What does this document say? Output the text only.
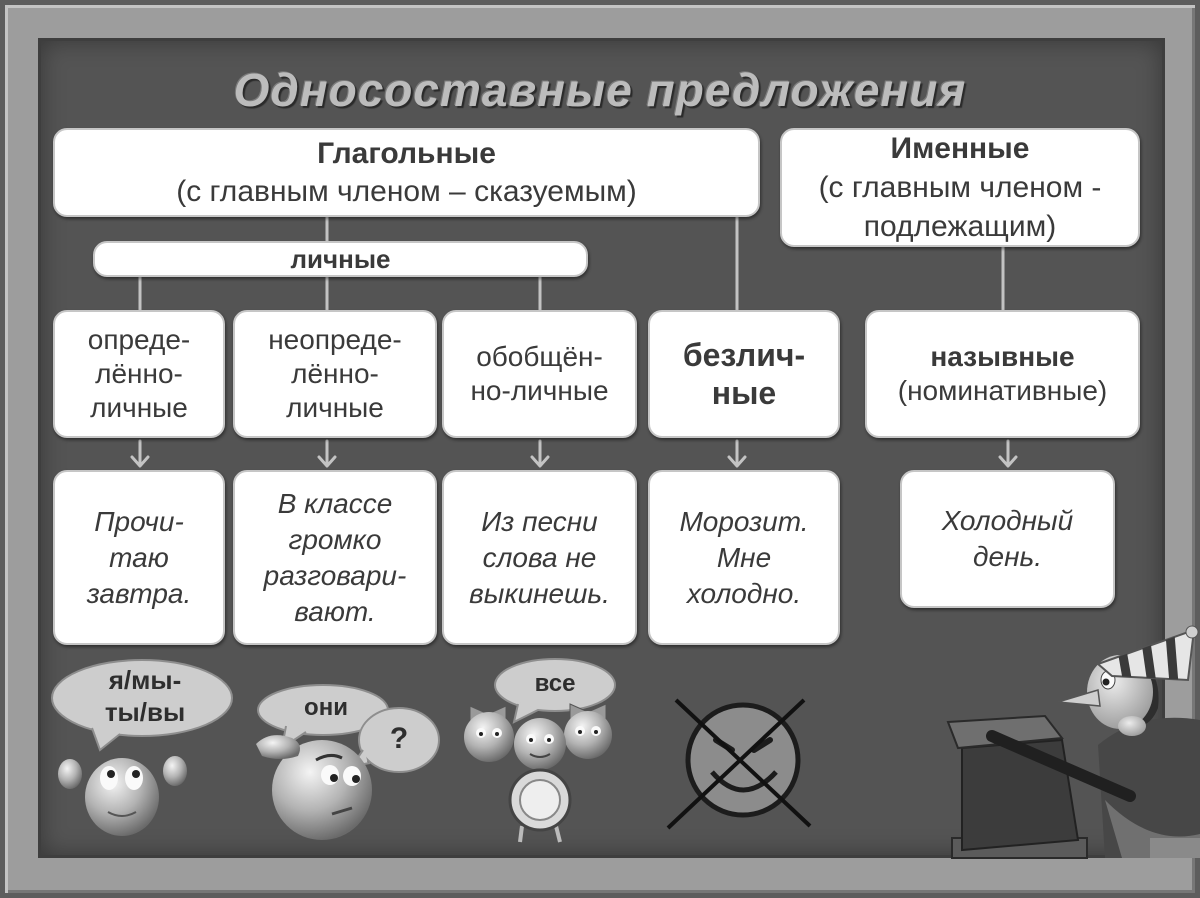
Односоставные предложения
Глагольные
(с главным членом – сказуемым)
Именные
(с главным членом -
подлежащим)
личные
опреде-
лённо-
личные
неопреде-
лённо-
личные
обобщён-
но-личные
безлич-
ные
назывные
(номинативные)
Прочи-
таю
завтра.
В классе
громко
разговари-
вают.
Из песни
слова не
выкинешь.
Морозит.
Мне
холодно.
Холодный
день.
я/мы-
ты/вы	они
?
все
